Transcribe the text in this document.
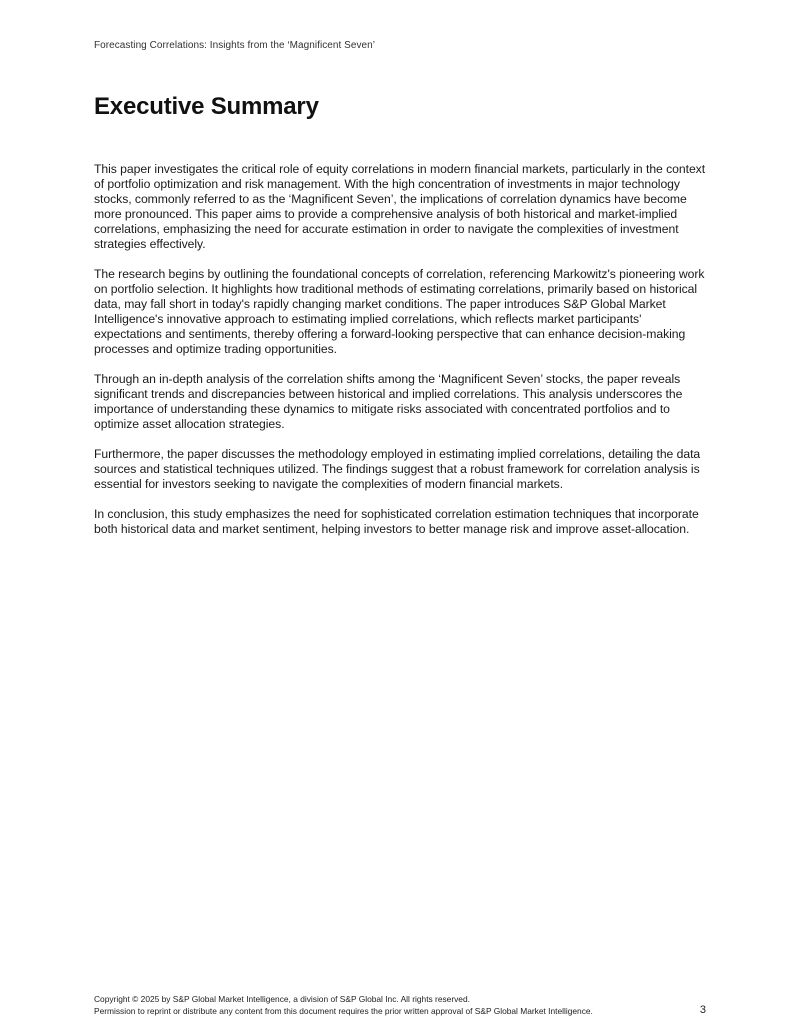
Forecasting Correlations: Insights from the ‘Magnificent Seven’
Executive Summary

This paper investigates the critical role of equity correlations in modern financial markets, particularly in the context of portfolio optimization and risk management. With the high concentration of investments in major technology stocks, commonly referred to as the ‘Magnificent Seven’, the implications of correlation dynamics have become more pronounced. This paper aims to provide a comprehensive analysis of both historical and market-implied correlations, emphasizing the need for accurate estimation in order to navigate the complexities of investment strategies effectively.

The research begins by outlining the foundational concepts of correlation, referencing Markowitz's pioneering work on portfolio selection. It highlights how traditional methods of estimating correlations, primarily based on historical data, may fall short in today's rapidly changing market conditions. The paper introduces S&P Global Market Intelligence's innovative approach to estimating implied correlations, which reflects market participants' expectations and sentiments, thereby offering a forward-looking perspective that can enhance decision-making processes and optimize trading opportunities.

Through an in-depth analysis of the correlation shifts among the ‘Magnificent Seven’ stocks, the paper reveals significant trends and discrepancies between historical and implied correlations. This analysis underscores the importance of understanding these dynamics to mitigate risks associated with concentrated portfolios and to optimize asset allocation strategies.

Furthermore, the paper discusses the methodology employed in estimating implied correlations, detailing the data sources and statistical techniques utilized. The findings suggest that a robust framework for correlation analysis is essential for investors seeking to navigate the complexities of modern financial markets.

In conclusion, this study emphasizes the need for sophisticated correlation estimation techniques that incorporate both historical data and market sentiment, helping investors to better manage risk and improve asset-allocation.

Copyright © 2025 by S&P Global Market Intelligence, a division of S&P Global Inc. All rights reserved.
Permission to reprint or distribute any content from this document requires the prior written approval of S&P Global Market Intelligence.	3
